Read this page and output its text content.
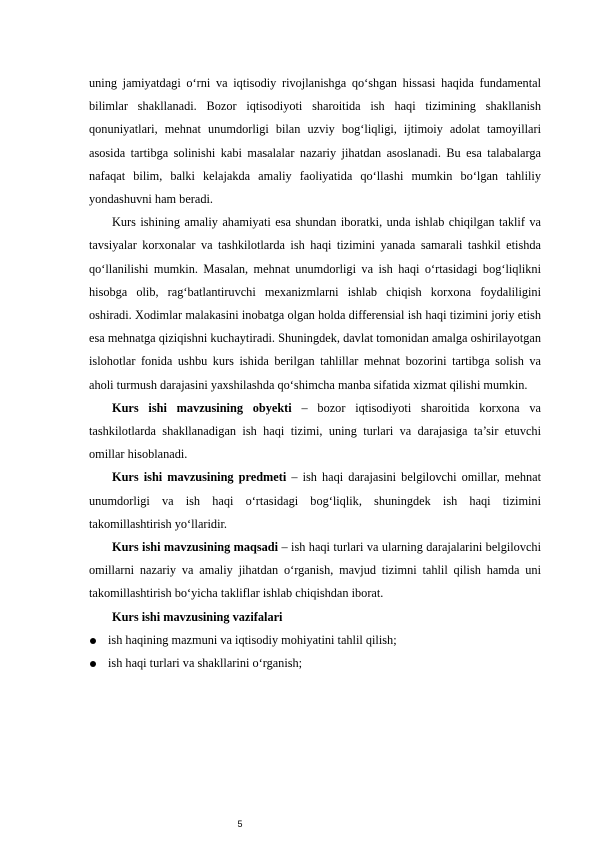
uning jamiyatdagi o‘rni va iqtisodiy rivojlanishga qo‘shgan hissasi haqida fundamental bilimlar shakllanadi. Bozor iqtisodiyoti sharoitida ish haqi tizimining shakllanish qonuniyatlari, mehnat unumdorligi bilan uzviy bog‘liqligi, ijtimoiy adolat tamoyillari asosida tartibga solinishi kabi masalalar nazariy jihatdan asoslanadi. Bu esa talabalarga nafaqat bilim, balki kelajakda amaliy faoliyatida qo‘llashi mumkin bo‘lgan tahliliy yondashuvni ham beradi.

Kurs ishining amaliy ahamiyati esa shundan iboratki, unda ishlab chiqilgan taklif va tavsiyalar korxonalar va tashkilotlarda ish haqi tizimini yanada samarali tashkil etishda qo‘llanilishi mumkin. Masalan, mehnat unumdorligi va ish haqi o‘rtasidagi bog‘liqlikni hisobga olib, rag‘batlantiruvchi mexanizmlarni ishlab chiqish korxona foydaliligini oshiradi. Xodimlar malakasini inobatga olgan holda differensial ish haqi tizimini joriy etish esa mehnatga qiziqishni kuchaytiradi. Shuningdek, davlat tomonidan amalga oshirilayotgan islohotlar fonida ushbu kurs ishida berilgan tahlillar mehnat bozorini tartibga solish va aholi turmush darajasini yaxshilashda qo‘shimcha manba sifatida xizmat qilishi mumkin.

Kurs ishi mavzusining obyekti – bozor iqtisodiyoti sharoitida korxona va tashkilotlarda shakllanadigan ish haqi tizimi, uning turlari va darajasiga ta’sir etuvchi omillar hisoblanadi.

Kurs ishi mavzusining predmeti – ish haqi darajasini belgilovchi omillar, mehnat unumdorligi va ish haqi o‘rtasidagi bog‘liqlik, shuningdek ish haqi tizimini takomillashtirish yo‘llaridir.

Kurs ishi mavzusining maqsadi – ish haqi turlari va ularning darajalarini belgilovchi omillarni nazariy va amaliy jihatdan o‘rganish, mavjud tizimni tahlil qilish hamda uni takomillashtirish bo‘yicha takliflar ishlab chiqishdan iborat.

Kurs ishi mavzusining vazifalari

ish haqining mazmuni va iqtisodiy mohiyatini tahlil qilish;
ish haqi turlari va shakllarini o‘rganish;
5
